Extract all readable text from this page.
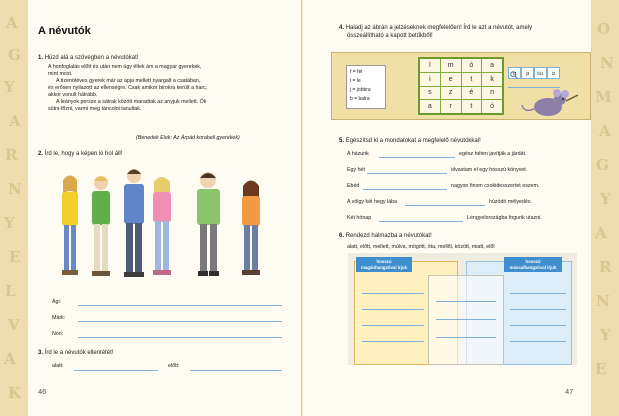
A
G
Y
A
R
N
Y
E
L
V
A
K
O
N
M
A
G
Y
A
R
N
Y
E
A névutók
1. Húzd alá a szövegben a névutókat!
A honfoglalás előtt és után nem úgy éltek ám a magyar gyerekek,
mint most.
A tizenötéves gyerek már az apja mellett nyargalt a csatában,
és erősen nyilazott az ellenségre. Csak amikor birokra került a harc,
akkor vonult hátrább.
A leányok persze a sátrak között maradtak az anyjuk mellett. Ők
sütni-főzni, varrni meg táncolni tanultak.
(Benedek Elek: Az Árpád korabeli gyerekek)
2. Írd le, hogy a képen ki hol áll!
Ági:
Márk:
Nóri:
3. Írd le a névutók ellentétét!
alatt:	előtt:
46
4. Haladj az ábrán a jelzéseknek megfelelően! Írd le azt a névutót, amely
összeállítható a kapott betűkből!
f = fel
l = le
j = jobbra
b = balra
l	m	ó	a
i	e	t	k
s	z	é	n
a	r	t	ó
f3	j3	bl1	l2
5. Egészítsd ki a mondatokat a megfelelő névutókkal!
A házunk	egész héten javítják a járdát.
Egy hét	olvastam el egy hosszú könyvet.
Ebéd	nagyon finom csokidesszertet eszem.
A völgy két hegy lába	húzódó mélyedés.
Két hónap	Lengyelországba fogunk utazni.
6. Rendezd halmazba a névutókat!
alatt, előtt, mellett, múlva, mögött, óta, mellől, között, miatt, elől
hosszú magánhangzóval írjuk
hosszú mássalhangzóval írjuk
47
